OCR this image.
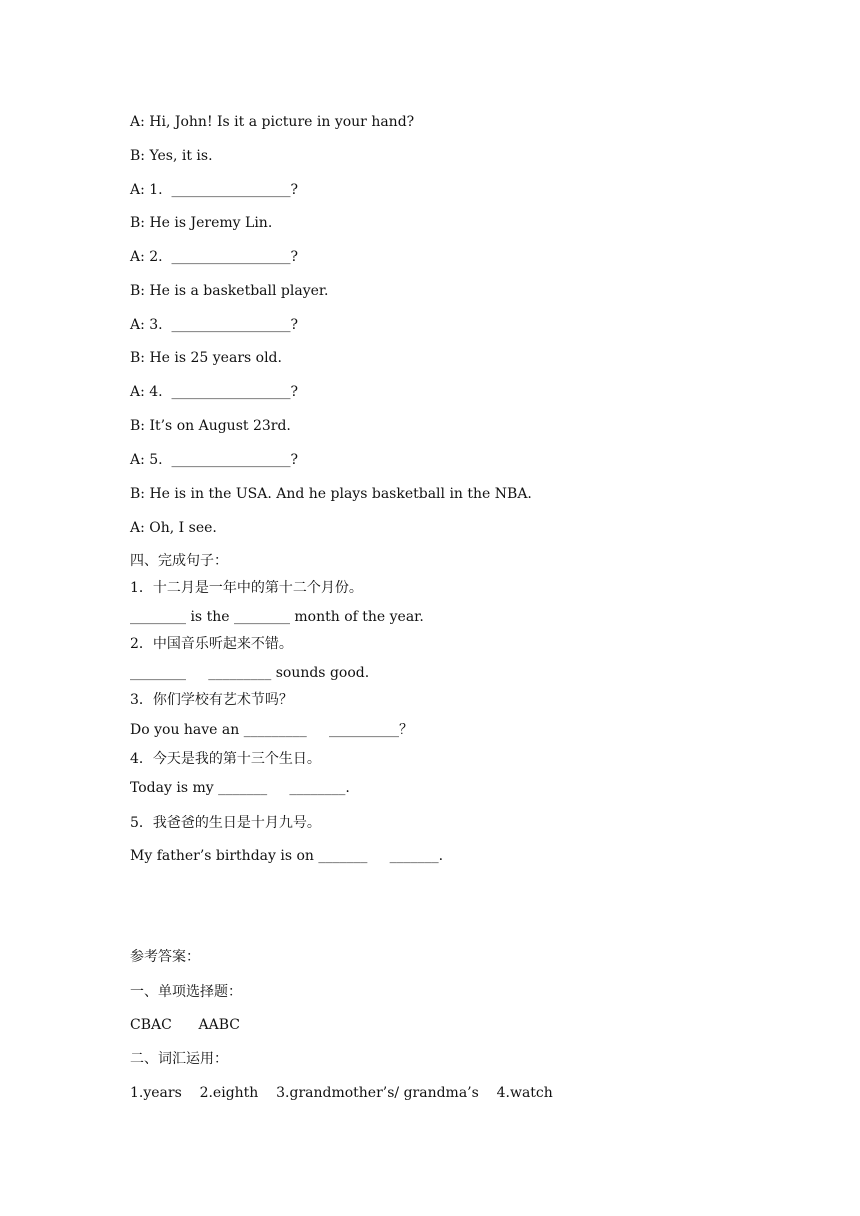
A: Hi, John! Is it a picture in your hand?
B: Yes, it is.
A: 1.  _________________?
B: He is Jeremy Lin.
A: 2.  _________________?
B: He is a basketball player.
A: 3.  _________________?
B: He is 25 years old.
A: 4.  _________________?
B: It’s on August 23rd.
A: 5.  _________________?
B: He is in the USA. And he plays basketball in the NBA.
A: Oh, I see.
四、完成句子：
1．十二月是一年中的第十二个月份。
________ is the ________ month of the year.
2．中国音乐听起来不错。
________     _________ sounds good.
3．你们学校有艺术节吗？
Do you have an _________     __________？
4．今天是我的第十三个生日。
Today is my _______     ________.
5．我爸爸的生日是十月九号。
My father’s birthday is on _______     _______.
参考答案：
一、单项选择题：
CBAC      AABC
二、词汇运用：
1.years    2.eighth    3.grandmother’s/ grandma’s    4.watch
